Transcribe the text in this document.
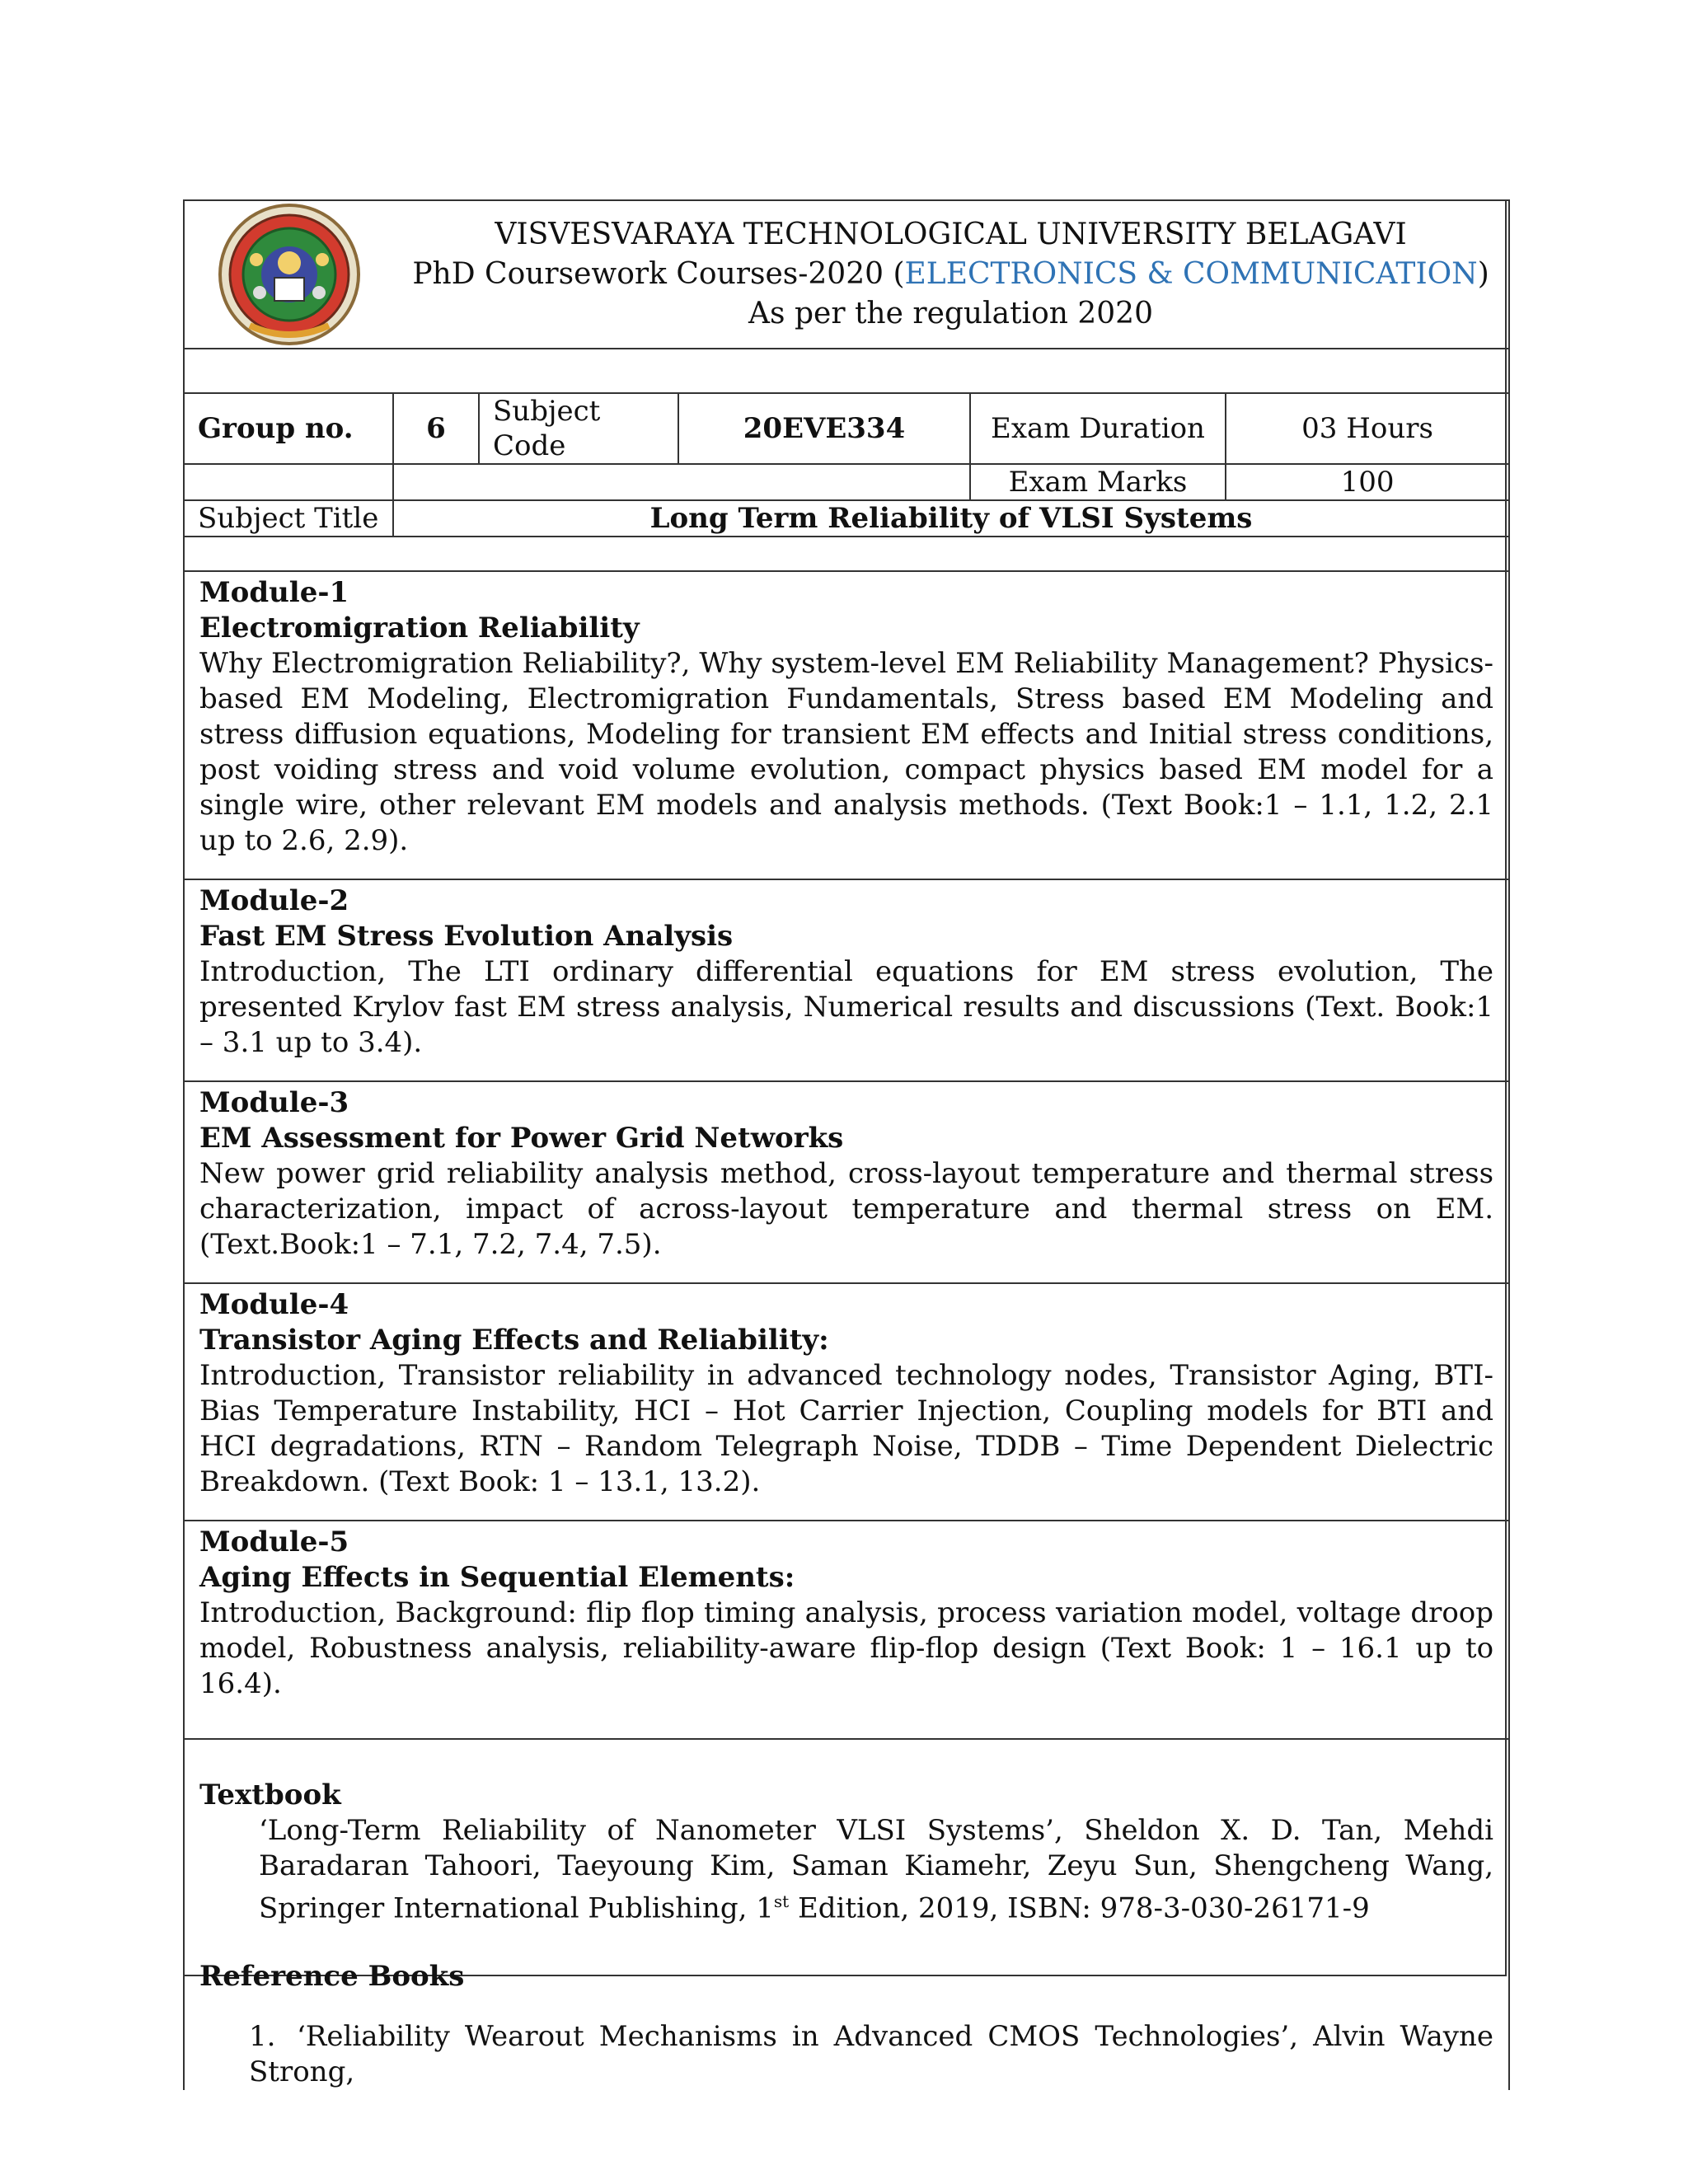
VISVESVARAYA TECHNOLOGICAL UNIVERSITY BELAGAVI
PhD Coursework Courses-2020 (ELECTRONICS & COMMUNICATION)
As per the regulation 2020				

Group no.	6	Subject Code	20EVE334	Exam Duration	03 Hours
				Exam Marks	100
Subject Title	Long Term Reliability of VLSI Systems				

Module-1
Electromigration Reliability

Why Electromigration Reliability?, Why system-level EM Reliability Management? Physics- based EM Modeling, Electromigration Fundamentals, Stress based EM Modeling and stress diffusion equations, Modeling for transient EM effects and Initial stress conditions, post voiding stress and void volume evolution, compact physics based EM model for a single wire, other relevant EM models and analysis methods. (Text Book:1 – 1.1, 1.2, 2.1 up to 2.6, 2.9).					

Module-2
Fast EM Stress Evolution Analysis

Introduction, The LTI ordinary differential equations for EM stress evolution, The presented Krylov fast EM stress analysis, Numerical results and discussions (Text. Book:1 – 3.1 up to 3.4).					

Module-3
EM Assessment for Power Grid Networks

New power grid reliability analysis method, cross-layout temperature and thermal stress characterization, impact of across-layout temperature and thermal stress on EM. (Text.Book:1 – 7.1, 7.2, 7.4, 7.5).					

Module-4
Transistor Aging Effects and Reliability:

Introduction, Transistor reliability in advanced technology nodes, Transistor Aging, BTI- Bias Temperature Instability, HCI – Hot Carrier Injection, Coupling models for BTI and HCI degradations, RTN – Random Telegraph Noise, TDDB – Time Dependent Dielectric Breakdown. (Text Book: 1 – 13.1, 13.2).					

Module-5
Aging Effects in Sequential Elements:

Introduction, Background: flip flop timing analysis, process variation model, voltage droop model, Robustness analysis, reliability-aware flip-flop design (Text Book: 1 – 16.1 up to 16.4).					

Textbook

‘Long-Term Reliability of Nanometer VLSI Systems’, Sheldon X. D. Tan, Mehdi Baradaran Tahoori, Taeyoung Kim, Saman Kiamehr, Zeyu Sun, Shengcheng Wang, Springer International Publishing, 1st Edition, 2019, ISBN: 978-3-030-26171-9

Reference Books

1. ‘Reliability Wearout Mechanisms in Advanced CMOS Technologies’, Alvin Wayne Strong,					
